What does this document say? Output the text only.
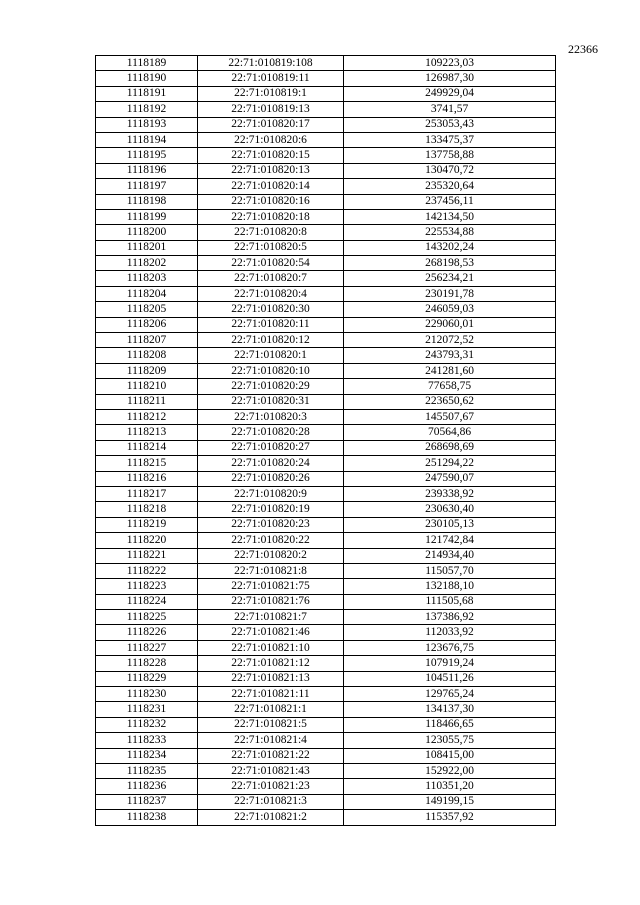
22366
1118189	22:71:010819:108	109223,03
1118190	22:71:010819:11	126987,30
1118191	22:71:010819:1	249929,04
1118192	22:71:010819:13	3741,57
1118193	22:71:010820:17	253053,43
1118194	22:71:010820:6	133475,37
1118195	22:71:010820:15	137758,88
1118196	22:71:010820:13	130470,72
1118197	22:71:010820:14	235320,64
1118198	22:71:010820:16	237456,11
1118199	22:71:010820:18	142134,50
1118200	22:71:010820:8	225534,88
1118201	22:71:010820:5	143202,24
1118202	22:71:010820:54	268198,53
1118203	22:71:010820:7	256234,21
1118204	22:71:010820:4	230191,78
1118205	22:71:010820:30	246059,03
1118206	22:71:010820:11	229060,01
1118207	22:71:010820:12	212072,52
1118208	22:71:010820:1	243793,31
1118209	22:71:010820:10	241281,60
1118210	22:71:010820:29	77658,75
1118211	22:71:010820:31	223650,62
1118212	22:71:010820:3	145507,67
1118213	22:71:010820:28	70564,86
1118214	22:71:010820:27	268698,69
1118215	22:71:010820:24	251294,22
1118216	22:71:010820:26	247590,07
1118217	22:71:010820:9	239338,92
1118218	22:71:010820:19	230630,40
1118219	22:71:010820:23	230105,13
1118220	22:71:010820:22	121742,84
1118221	22:71:010820:2	214934,40
1118222	22:71:010821:8	115057,70
1118223	22:71:010821:75	132188,10
1118224	22:71:010821:76	111505,68
1118225	22:71:010821:7	137386,92
1118226	22:71:010821:46	112033,92
1118227	22:71:010821:10	123676,75
1118228	22:71:010821:12	107919,24
1118229	22:71:010821:13	104511,26
1118230	22:71:010821:11	129765,24
1118231	22:71:010821:1	134137,30
1118232	22:71:010821:5	118466,65
1118233	22:71:010821:4	123055,75
1118234	22:71:010821:22	108415,00
1118235	22:71:010821:43	152922,00
1118236	22:71:010821:23	110351,20
1118237	22:71:010821:3	149199,15
1118238	22:71:010821:2	115357,92
